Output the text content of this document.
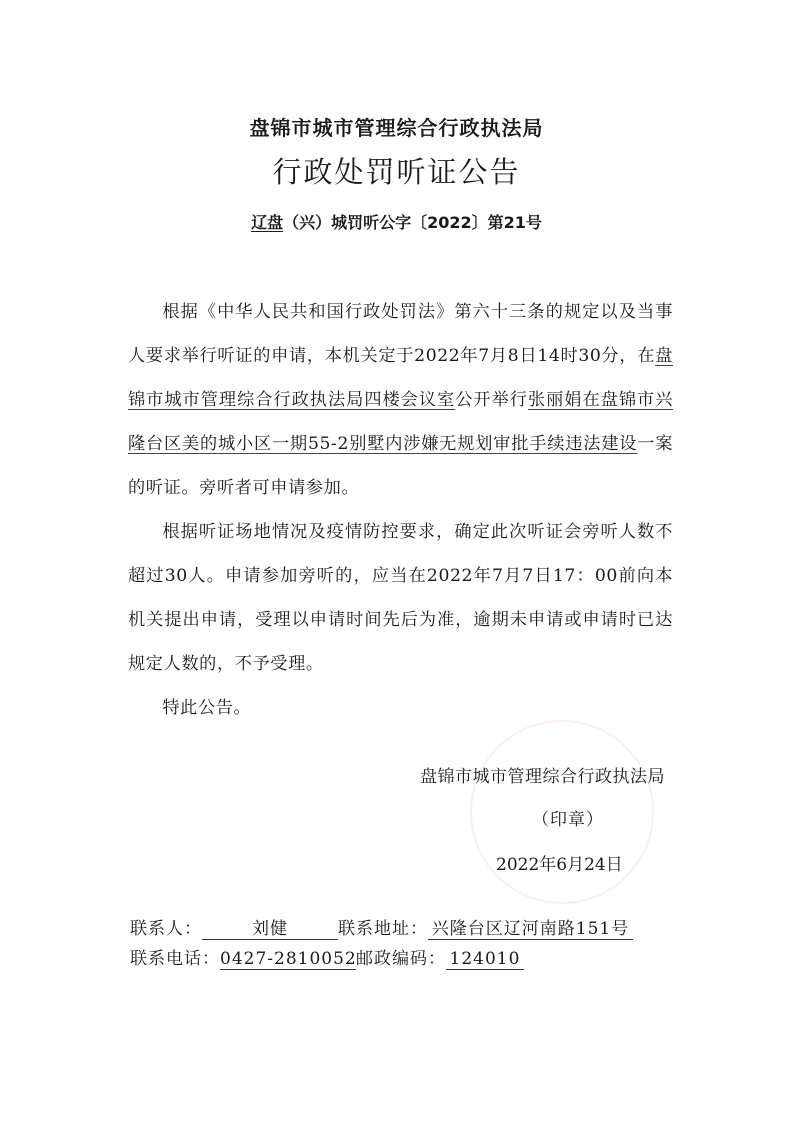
盘锦市城市管理综合行政执法局
行政处罚听证公告
辽盘（兴）城罚听公字〔2022〕第21号

根据《中华人民共和国行政处罚法》第六十三条的规定以及当事人要求举行听证的申请，本机关定于2022年7月8日14时30分，在盘锦市城市管理综合行政执法局四楼会议室公开举行张丽娟在盘锦市兴隆台区美的城小区一期55-2别墅内涉嫌无规划审批手续违法建设一案的听证。旁听者可申请参加。

根据听证场地情况及疫情防控要求，确定此次听证会旁听人数不超过30人。申请参加旁听的，应当在2022年7月7日17：00前向本机关提出申请，受理以申请时间先后为准，逾期未申请或申请时已达规定人数的，不予受理。

特此公告。

盘锦市城市管理综合行政执法局
（印章）
2022年6月24日
联系人：	刘健	联系地址： 兴隆台区辽河南路151号
联系电话：0427-2810052邮政编码： 124010
